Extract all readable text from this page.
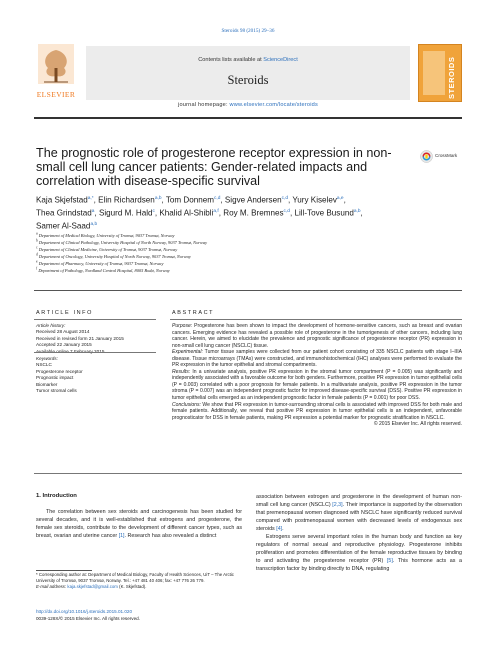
Steroids 98 (2015) 29–36
ELSEVIER
Contents lists available at ScienceDirect
Steroids
journal homepage: www.elsevier.com/locate/steroids
STEROIDS
The prognostic role of progesterone receptor expression in non-small cell lung cancer patients: Gender-related impacts and correlation with disease-specific survival
CrossMark
Kaja Skjefstad$^{a,*}$, Elin Richardsen$^{a,b}$, Tom Donnem$^{c,d}$, Sigve Andersen$^{c,d}$, Yury Kiselev$^{a,e}$,
Thea Grindstad$^a$, Sigurd M. Hald$^c$, Khalid Al-Shibli$^{a,f}$, Roy M. Bremnes$^{c,d}$, Lill-Tove Busund$^{a,b}$,
Samer Al-Saad$^{a,b}$
$^a$ Department of Medical Biology, University of Tromsø, 9037 Tromsø, Norway
$^b$ Department of Clinical Pathology, University Hospital of North Norway, 9037 Tromsø, Norway
$^c$ Department of Clinical Medicine, University of Tromsø, 9037 Tromsø, Norway
$^d$ Department of Oncology, University Hospital of North Norway, 9037 Tromsø, Norway
$^e$ Department of Pharmacy, University of Tromsø, 9037 Tromsø, Norway
$^f$ Department of Pathology, Nordland Central Hospital, 8005 Bodø, Norway
ARTICLE INFO
Article history:
Received 28 August 2014
Received in revised form 21 January 2015
Accepted 22 January 2015
Available online 7 February 2015
Keywords:
NSCLC
Progesterone receptor
Prognostic impact
Biomarker
Tumor stromal cells
ABSTRACT

Purpose: Progesterone has been shown to impact the development of hormone-sensitive cancers, such as breast and ovarian cancers. Emerging evidence has revealed a possible role of progesterone in the tumorigenesis of other cancers, including lung cancer. Herein, we aimed to elucidate the prevalence and prognostic significance of progesterone receptor (PR) expression in non-small cell lung cancer (NSCLC) tissue.

Experimental: Tumor tissue samples were collected from our patient cohort consisting of 335 NSCLC patients with stage I–IIIA disease. Tissue microarrays (TMAs) were constructed, and immunohistochemical (IHC) analyses were performed to evaluate the PR expression in the tumor epithelial and stromal compartments.

Results: In a univariate analysis, positive PR expression in the stromal tumor compartment (P = 0.005) was significantly and independently associated with a favorable outcome for both genders. Furthermore, positive PR expression in tumor epithelial cells (P = 0.003) correlated with a poor prognosis for female patients. In a multivariate analysis, positive PR expression in the tumor stroma (P = 0.007) was an independent prognostic factor for improved disease-specific survival (DSS). Positive PR expression in tumor epithelial cells emerged as an independent prognostic factor in female patients (P = 0.001) for poor DSS.

Conclusions: We show that PR expression in tumor-surrounding stromal cells is associated with improved DSS for both male and female patients. Additionally, we reveal that positive PR expression in tumor epithelial cells is an independent, unfavorable prognosticator for DSS in female patients, making PR expression a potential marker for prognostic stratification in NSCLC.

© 2015 Elsevier Inc. All rights reserved.

1. Introduction
The correlation between sex steroids and carcinogenesis has been studied for several decades, and it is well-established that estrogens and progesterone, the female sex steroids, contribute to the development of different cancer types, such as breast, ovarian and uterine cancer [1]. Research has also revealed a distinct

association between estrogen and progesterone in the development of human non-small cell lung cancer (NSCLC) [2,3]. Their importance is supported by the observation that premenopausal women diagnosed with NSCLC have significantly reduced survival compared with postmenopausal women with decreased levels of endogenous sex steroids [4].

Estrogens serve several important roles in the human body and function as key regulators of normal sexual and reproductive physiology. Progesterone inhibits proliferation and promotes differentiation of the female reproductive tissues by binding to and activating the progesterone receptor (PR) [5]. This hormone acts as a transcription factor by binding directly to DNA, regulating

* Corresponding author at: Department of Medical Biology, Faculty of Health Sciences, UiT – The Arctic University of Tromsø, 9037 Tromsø, Norway. Tel.: +47 481 40 406; fax: +47 776 26 779.
E-mail address: kaja.skjefstad@gmail.com (K. Skjefstad).
http://dx.doi.org/10.1016/j.steroids.2015.01.020
0039-128X/© 2015 Elsevier Inc. All rights reserved.
